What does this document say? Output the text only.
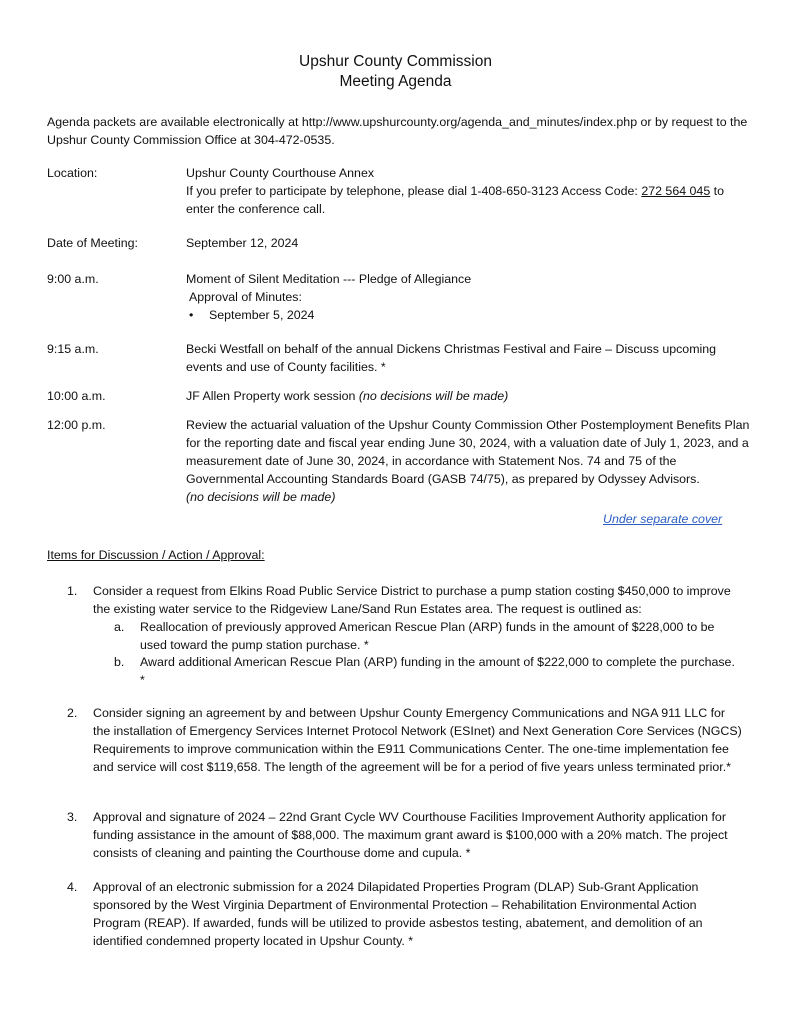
Upshur County Commission
Meeting Agenda
Agenda packets are available electronically at http://www.upshurcounty.org/agenda_and_minutes/index.php or by request to the Upshur County Commission Office at 304-472-0535.
Location:	Upshur County Courthouse Annex
If you prefer to participate by telephone, please dial 1-408-650-3123 Access Code: 272 564 045 to enter the conference call.
Date of Meeting:	September 12, 2024
9:00 a.m.	Moment of Silent Meditation --- Pledge of Allegiance
Approval of Minutes:
• September 5, 2024
9:15 a.m.	Becki Westfall on behalf of the annual Dickens Christmas Festival and Faire – Discuss upcoming events and use of County facilities. *
10:00 a.m.	JF Allen Property work session (no decisions will be made)
12:00 p.m.	Review the actuarial valuation of the Upshur County Commission Other Postemployment Benefits Plan for the reporting date and fiscal year ending June 30, 2024, with a valuation date of July 1, 2023, and a measurement date of June 30, 2024, in accordance with Statement Nos. 74 and 75 of the Governmental Accounting Standards Board (GASB 74/75), as prepared by Odyssey Advisors.
(no decisions will be made)
Under separate cover
Items for Discussion / Action / Approval:
1.	Consider a request from Elkins Road Public Service District to purchase a pump station costing $450,000 to improve the existing water service to the Ridgeview Lane/Sand Run Estates area. The request is outlined as:
a. Reallocation of previously approved American Rescue Plan (ARP) funds in the amount of $228,000 to be used toward the pump station purchase. *
b. Award additional American Rescue Plan (ARP) funding in the amount of $222,000 to complete the purchase. *
2.	Consider signing an agreement by and between Upshur County Emergency Communications and NGA 911 LLC for the installation of Emergency Services Internet Protocol Network (ESInet) and Next Generation Core Services (NGCS) Requirements to improve communication within the E911 Communications Center. The one-time implementation fee and service will cost $119,658. The length of the agreement will be for a period of five years unless terminated prior.*
3.	Approval and signature of 2024 – 22nd Grant Cycle WV Courthouse Facilities Improvement Authority application for funding assistance in the amount of $88,000. The maximum grant award is $100,000 with a 20% match. The project consists of cleaning and painting the Courthouse dome and cupula. *
4.	Approval of an electronic submission for a 2024 Dilapidated Properties Program (DLAP) Sub-Grant Application sponsored by the West Virginia Department of Environmental Protection – Rehabilitation Environmental Action Program (REAP). If awarded, funds will be utilized to provide asbestos testing, abatement, and demolition of an identified condemned property located in Upshur County. *
